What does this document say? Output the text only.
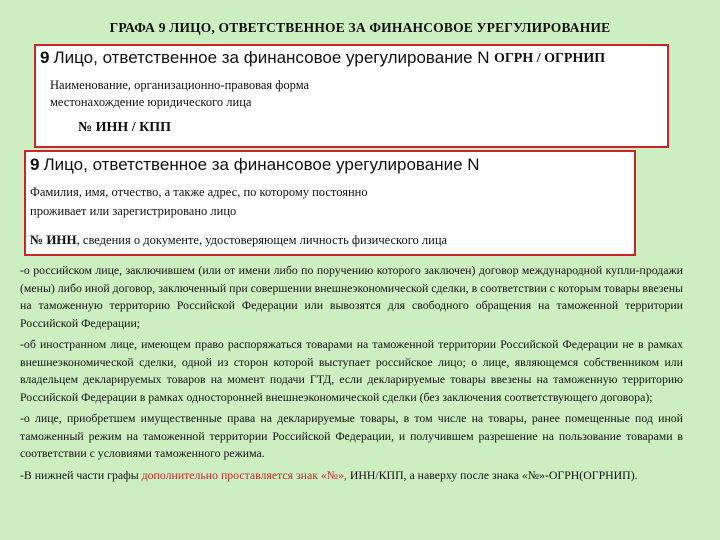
ГРАФА 9 ЛИЦО, ОТВЕТСТВЕННОЕ ЗА ФИНАНСОВОЕ УРЕГУЛИРОВАНИЕ
9 Лицо, ответственное за финансовое урегулирование N ОГРН / ОГРНИП
Наименование, организационно-правовая форма
местонахождение юридического лица
№ ИНН / КПП
9 Лицо, ответственное за финансовое урегулирование N
Фамилия, имя, отчество, а также адрес, по которому постоянно
проживает или зарегистрировано лицо
№ ИНН, сведения о документе, удостоверяющем личность физического лица

-о российском лице, заключившем (или от имени либо по поручению которого заключен) договор международной купли-продажи (мены) либо иной договор, заключенный при совершении внешнеэкономической сделки, в соответствии с которым товары ввезены на таможенную территорию Российской Федерации или вывозятся для свободного обращения на таможенной территории Российской Федерации;

-об иностранном лице, имеющем право распоряжаться товарами на таможенной территории Российской Федерации не в рамках внешнеэкономической сделки, одной из сторон которой выступает российское лицо; о лице, являющемся собственником или владельцем декларируемых товаров на момент подачи ГТД, если декларируемые товары ввезены на таможенную территорию Российской Федерации в рамках односторонней внешнеэкономической сделки (без заключения соответствующего договора);

-о лице, приобретшем имущественные права на декларируемые товары, в том числе на товары, ранее помещенные под иной таможенный режим на таможенной территории Российской Федерации, и получившем разрешение на пользование товарами в соответствии с условиями таможенного режима.

-В нижней части графы дополнительно проставляется знак «№», ИНН/КПП, а наверху после знака «№»-ОГРН(ОГРНИП).
